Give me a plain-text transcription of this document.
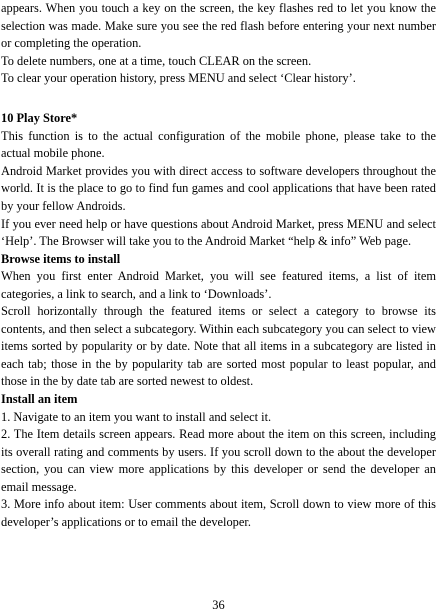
appears. When you touch a key on the screen, the key flashes red to let you know the selection was made. Make sure you see the red flash before entering your next number or completing the operation.

To delete numbers, one at a time, touch CLEAR on the screen.

To clear your operation history, press MENU and select ‘Clear history’.

10 Play Store*

This function is to the actual configuration of the mobile phone, please take to the actual mobile phone.

Android Market provides you with direct access to software developers throughout the world. It is the place to go to find fun games and cool applications that have been rated by your fellow Androids.

If you ever need help or have questions about Android Market, press MENU and select ‘Help’. The Browser will take you to the Android Market “help & info” Web page.

Browse items to install

When you first enter Android Market, you will see featured items, a list of item categories, a link to search, and a link to ‘Downloads’.

Scroll horizontally through the featured items or select a category to browse its contents, and then select a subcategory. Within each subcategory you can select to view items sorted by popularity or by date. Note that all items in a subcategory are listed in each tab; those in the by popularity tab are sorted most popular to least popular, and those in the by date tab are sorted newest to oldest.

Install an item

1. Navigate to an item you want to install and select it.

2. The Item details screen appears. Read more about the item on this screen, including its overall rating and comments by users. If you scroll down to the about the developer section, you can view more applications by this developer or send the developer an email message.

3. More info about item: User comments about item, Scroll down to view more of this developer’s applications or to email the developer.

36
